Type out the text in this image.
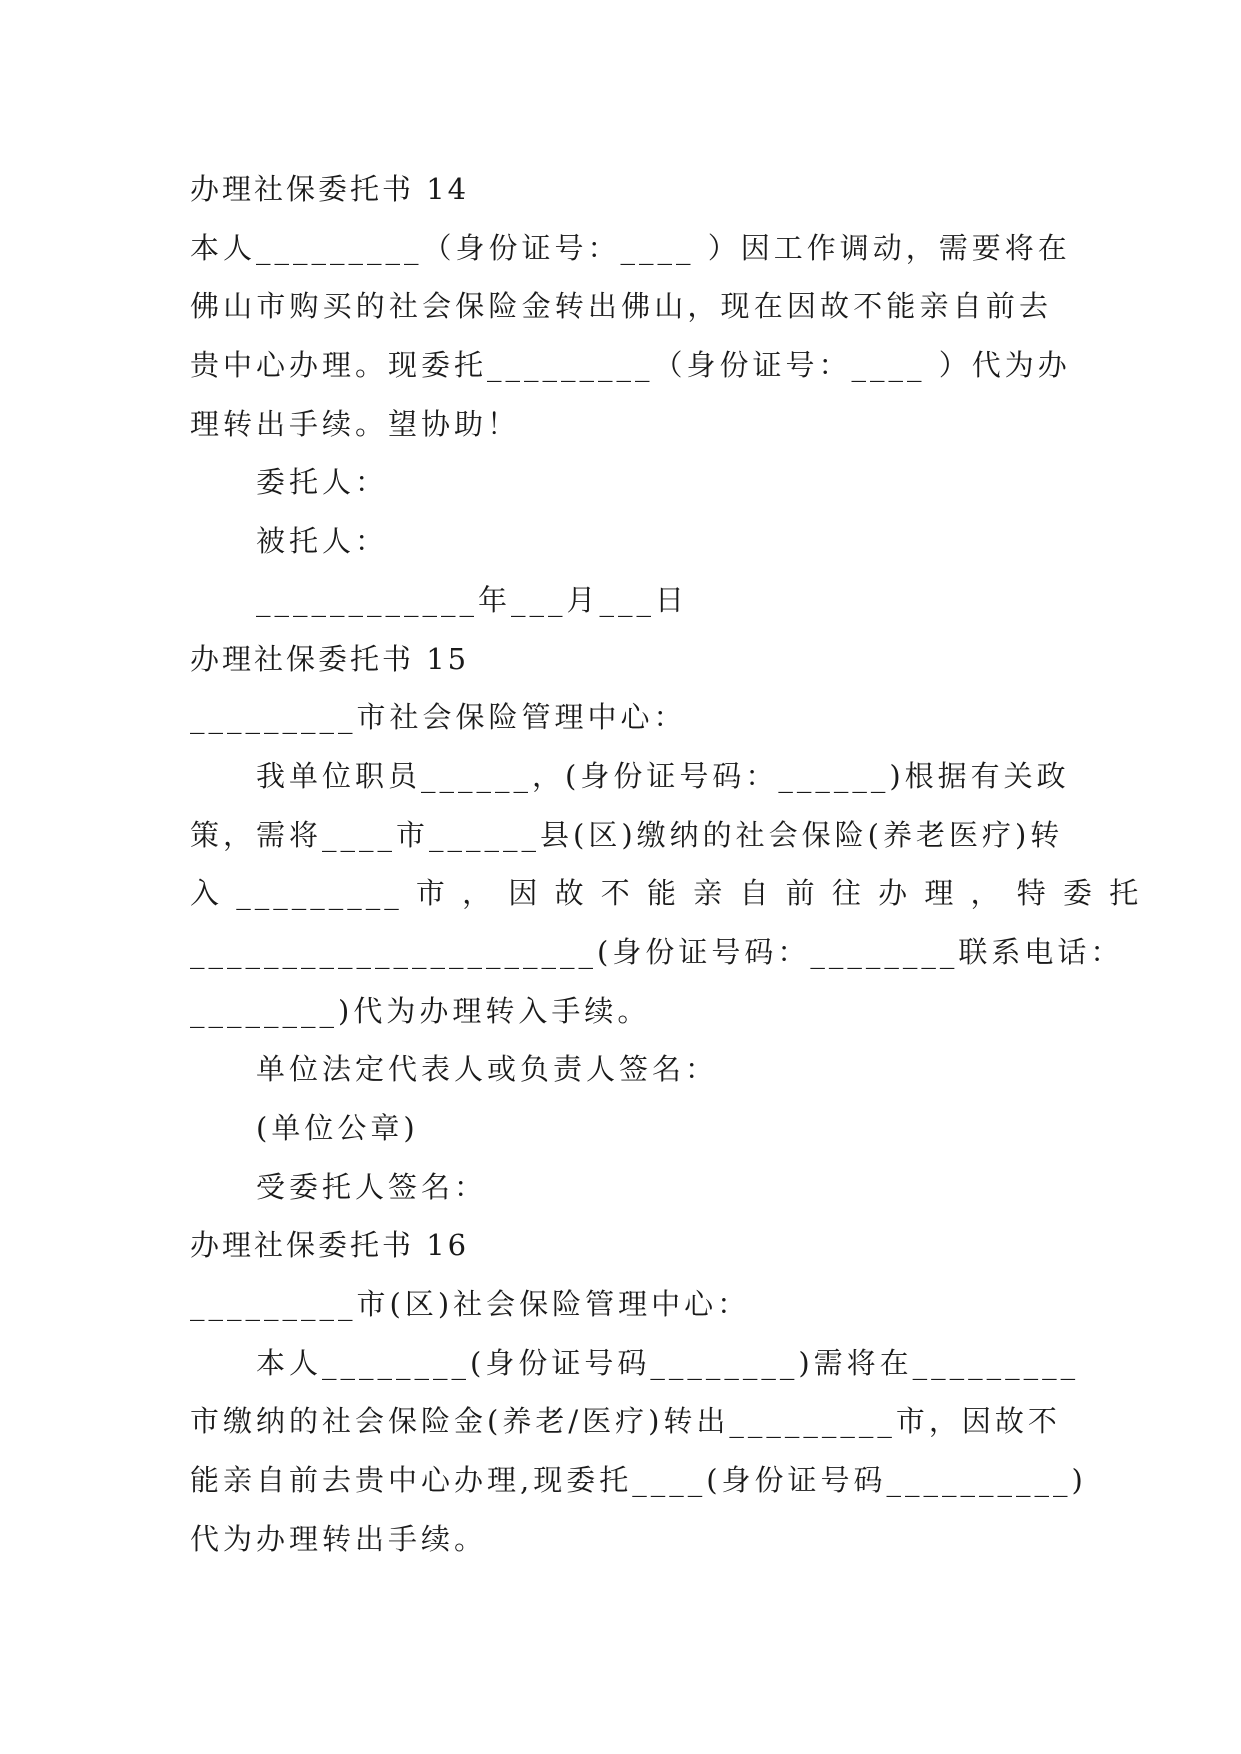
办理社保委托书 14
本人_________（身份证号：____ ）因工作调动，需要将在
佛山市购买的社会保险金转出佛山，现在因故不能亲自前去
贵中心办理。现委托_________（身份证号：____ ）代为办
理转出手续。望协助！
委托人：
被托人：
____________年___月___日
办理社保委托书 15
_________市社会保险管理中心：
我单位职员______，(身份证号码：______)根据有关政
策，需将____市______县(区)缴纳的社会保险(养老医疗)转
入 _________ 市 ， 因 故 不 能 亲 自 前 往 办 理 ， 特 委 托
______________________(身份证号码：________联系电话：
________)代为办理转入手续。
单位法定代表人或负责人签名：
(单位公章)
受委托人签名：
办理社保委托书 16
_________市(区)社会保险管理中心：
本人________(身份证号码________)需将在_________
市缴纳的社会保险金(养老/医疗)转出_________市，因故不
能亲自前去贵中心办理,现委托____(身份证号码__________)
代为办理转出手续。
